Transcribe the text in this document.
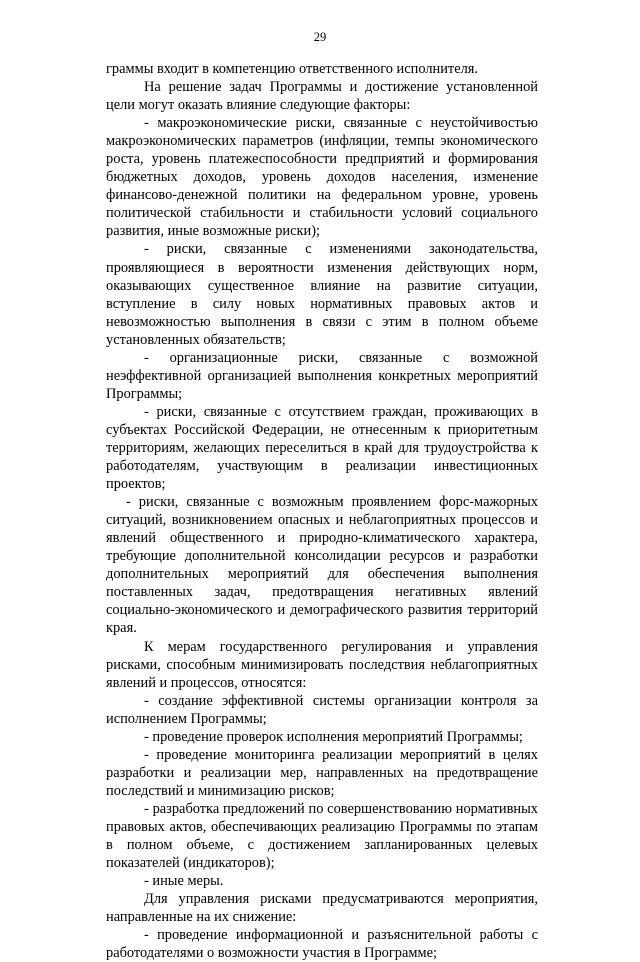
29

граммы входит в компетенцию ответственного исполнителя.

На решение задач Программы и достижение установленной цели могут оказать влияние следующие факторы:

- макроэкономические риски, связанные с неустойчивостью макроэкономических параметров (инфляции, темпы экономического роста, уровень платежеспособности предприятий и формирования бюджетных доходов, уровень доходов населения, изменение финансово-денежной политики на федеральном уровне, уровень политической стабильности и стабильности условий социального развития, иные возможные риски);

- риски, связанные с изменениями законодательства, проявляющиеся в вероятности изменения действующих норм, оказывающих существенное влияние на развитие ситуации, вступление в силу новых нормативных правовых актов и невозможностью выполнения в связи с этим в полном объеме установленных обязательств;

- организационные риски, связанные с возможной неэффективной организацией выполнения конкретных мероприятий Программы;

- риски, связанные с отсутствием граждан, проживающих в субъектах Российской Федерации, не отнесенным к приоритетным территориям, желающих переселиться в край для трудоустройства к работодателям, участвующим в реализации инвестиционных проектов;

- риски, связанные с возможным проявлением форс-мажорных ситуаций, возникновением опасных и неблагоприятных процессов и явлений общественного и природно-климатического характера, требующие дополнительной консолидации ресурсов и разработки дополнительных мероприятий для обеспечения выполнения поставленных задач, предотвращения негативных явлений социально-экономического и демографического развития территорий края.

К мерам государственного регулирования и управления рисками, способным минимизировать последствия неблагоприятных явлений и процессов, относятся:

- создание эффективной системы организации контроля за исполнением Программы;

- проведение проверок исполнения мероприятий Программы;

- проведение мониторинга реализации мероприятий в целях разработки и реализации мер, направленных на предотвращение последствий и минимизацию рисков;

- разработка предложений по совершенствованию нормативных правовых актов, обеспечивающих реализацию Программы по этапам в полном объеме, с достижением запланированных целевых показателей (индикаторов);

- иные меры.

Для управления рисками предусматриваются мероприятия, направленные на их снижение:

- проведение информационной и разъяснительной работы с работодателями о возможности участия в Программе;
